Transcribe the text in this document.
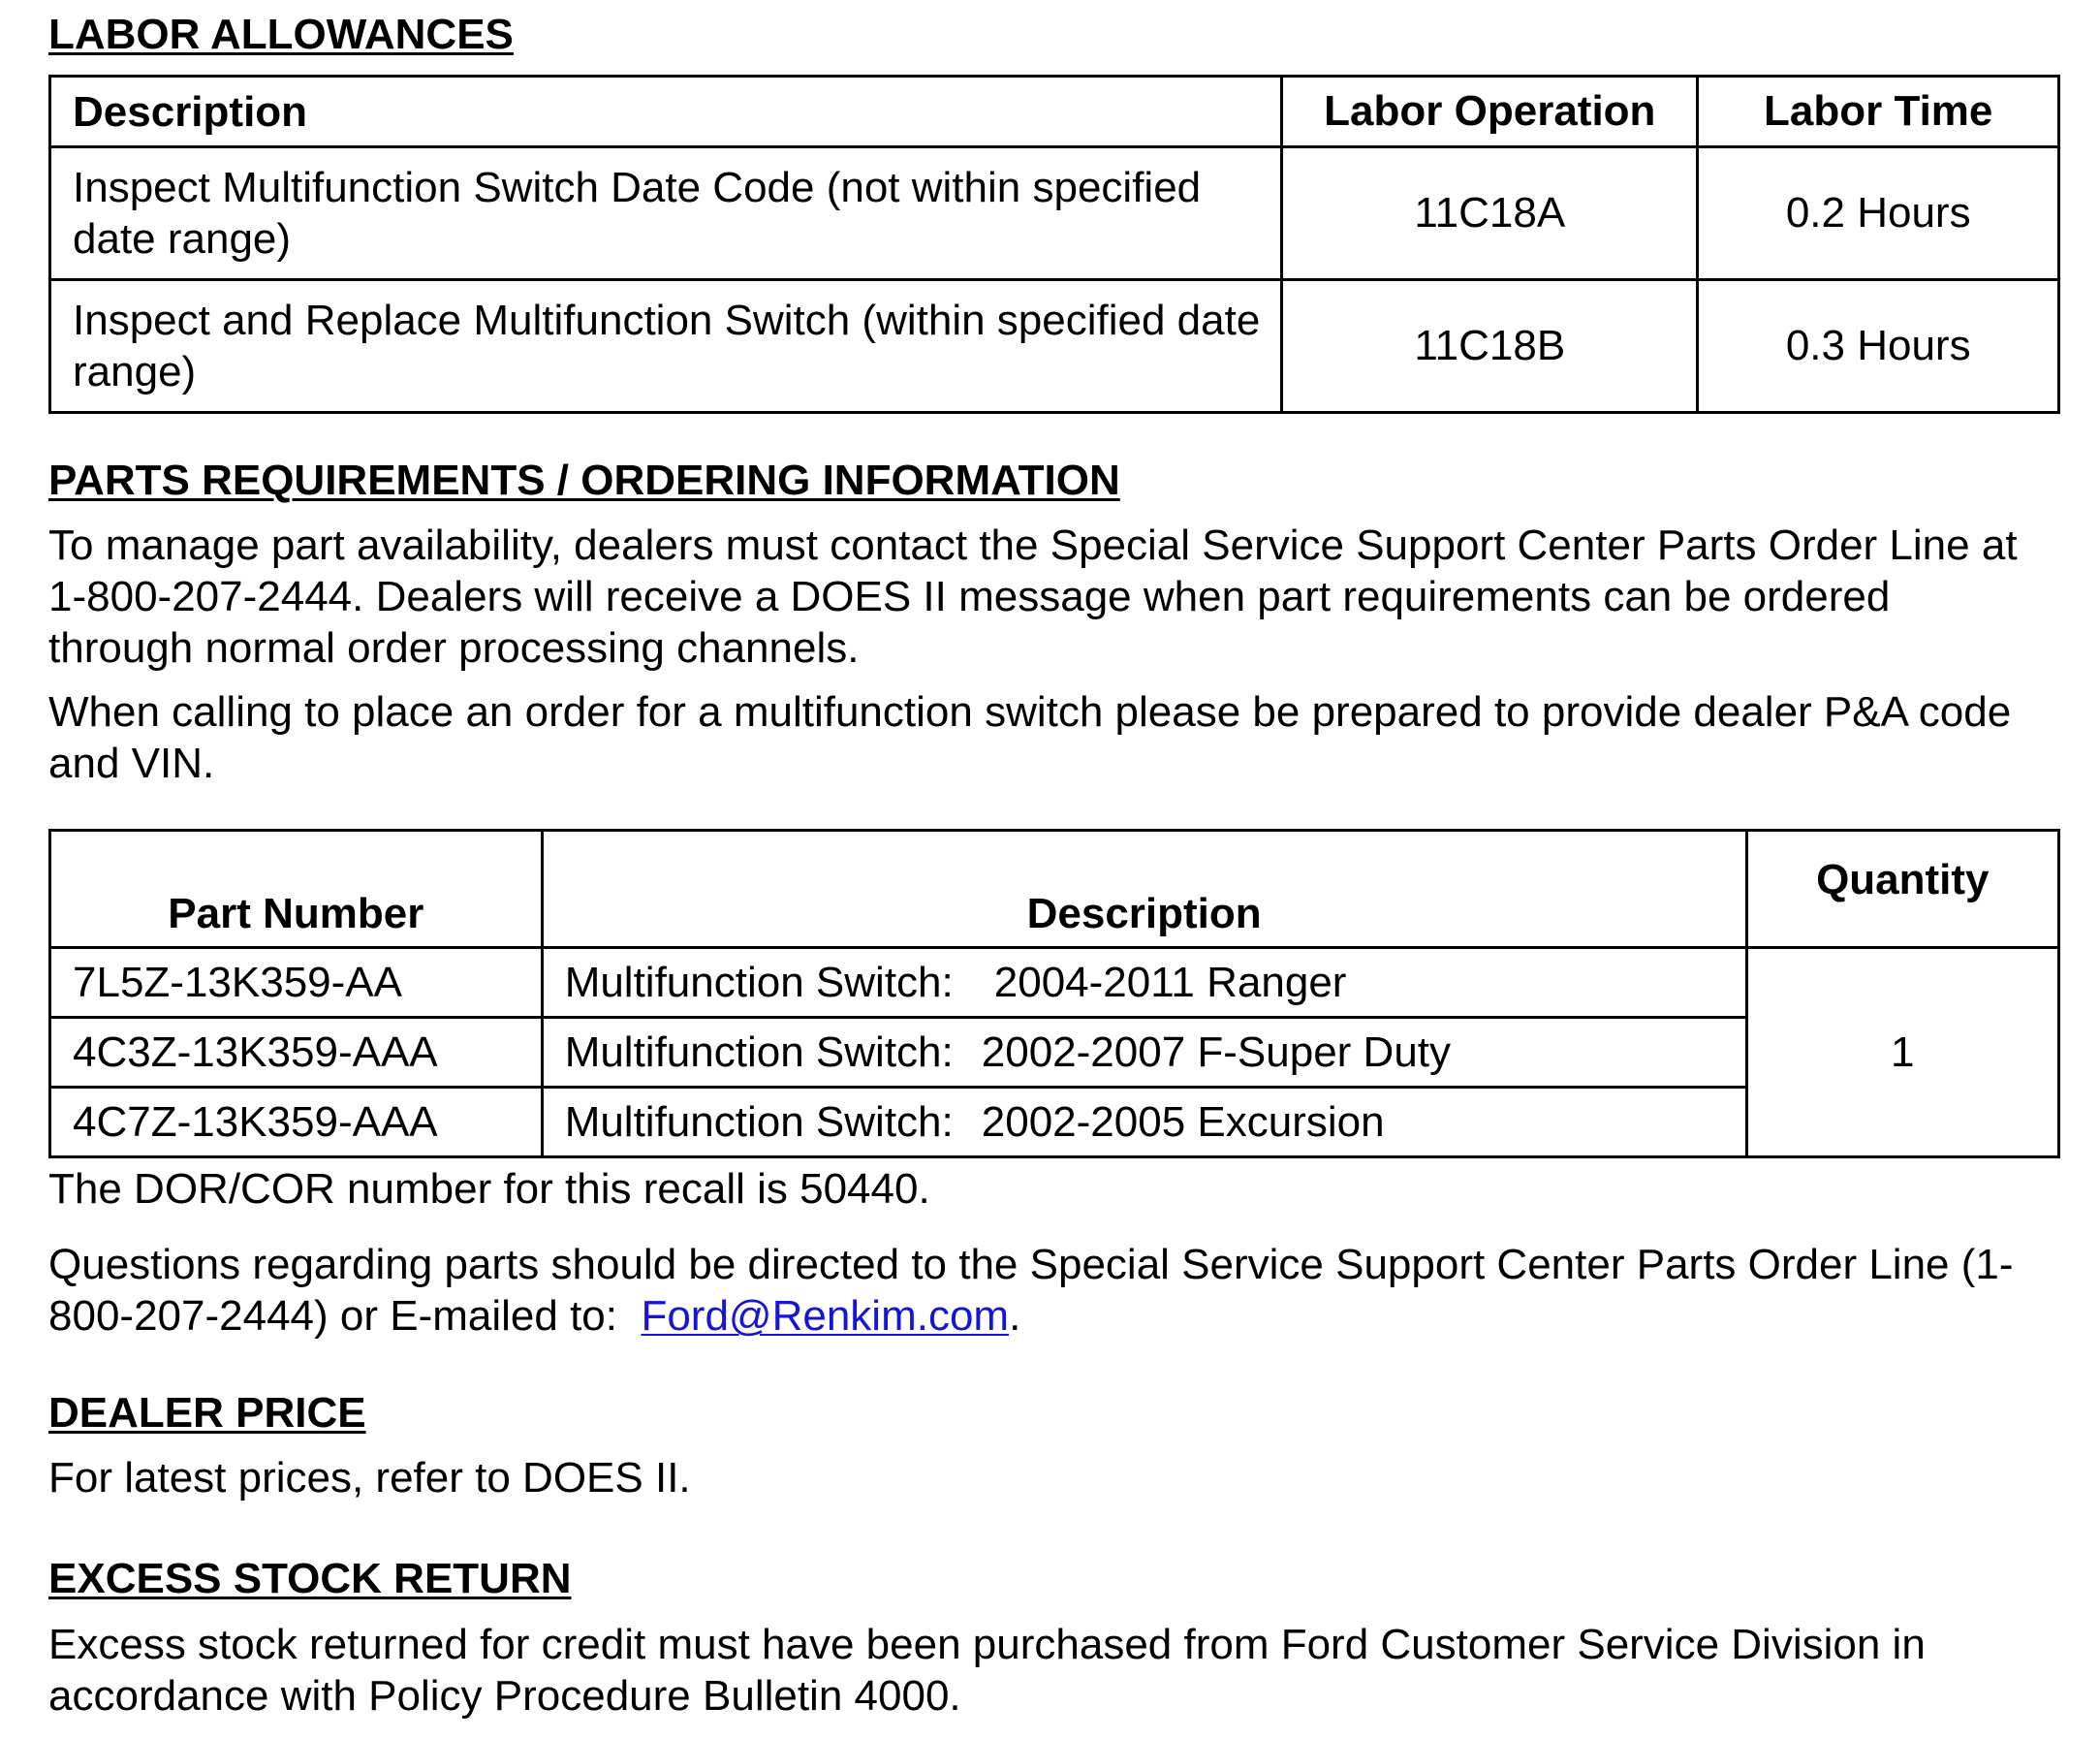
LABOR ALLOWANCES
Description	Labor Operation	Labor Time
Inspect Multifunction Switch Date Code (not within specified date range)	11C18A	0.2 Hours
Inspect and Replace Multifunction Switch (within specified date range)	11C18B	0.3 Hours
PARTS REQUIREMENTS / ORDERING INFORMATION

To manage part availability, dealers must contact the Special Service Support Center Parts Order Line at 1-800-207-2444. Dealers will receive a DOES II message when part requirements can be ordered through normal order processing channels.

When calling to place an order for a multifunction switch please be prepared to provide dealer P&A code and VIN.

Part Number	Description	Quantity
7L5Z-13K359-AA	Multifunction Switch: 2004-2011 Ranger	1
4C3Z-13K359-AAA	Multifunction Switch: 2002-2007 F-Super Duty	
4C7Z-13K359-AAA	Multifunction Switch: 2002-2005 Excursion	

The DOR/COR number for this recall is 50440.

Questions regarding parts should be directed to the Special Service Support Center Parts Order Line (1-800-207-2444) or E-mailed to: Ford@Renkim.com.

DEALER PRICE

For latest prices, refer to DOES II.

EXCESS STOCK RETURN

Excess stock returned for credit must have been purchased from Ford Customer Service Division in accordance with Policy Procedure Bulletin 4000.
